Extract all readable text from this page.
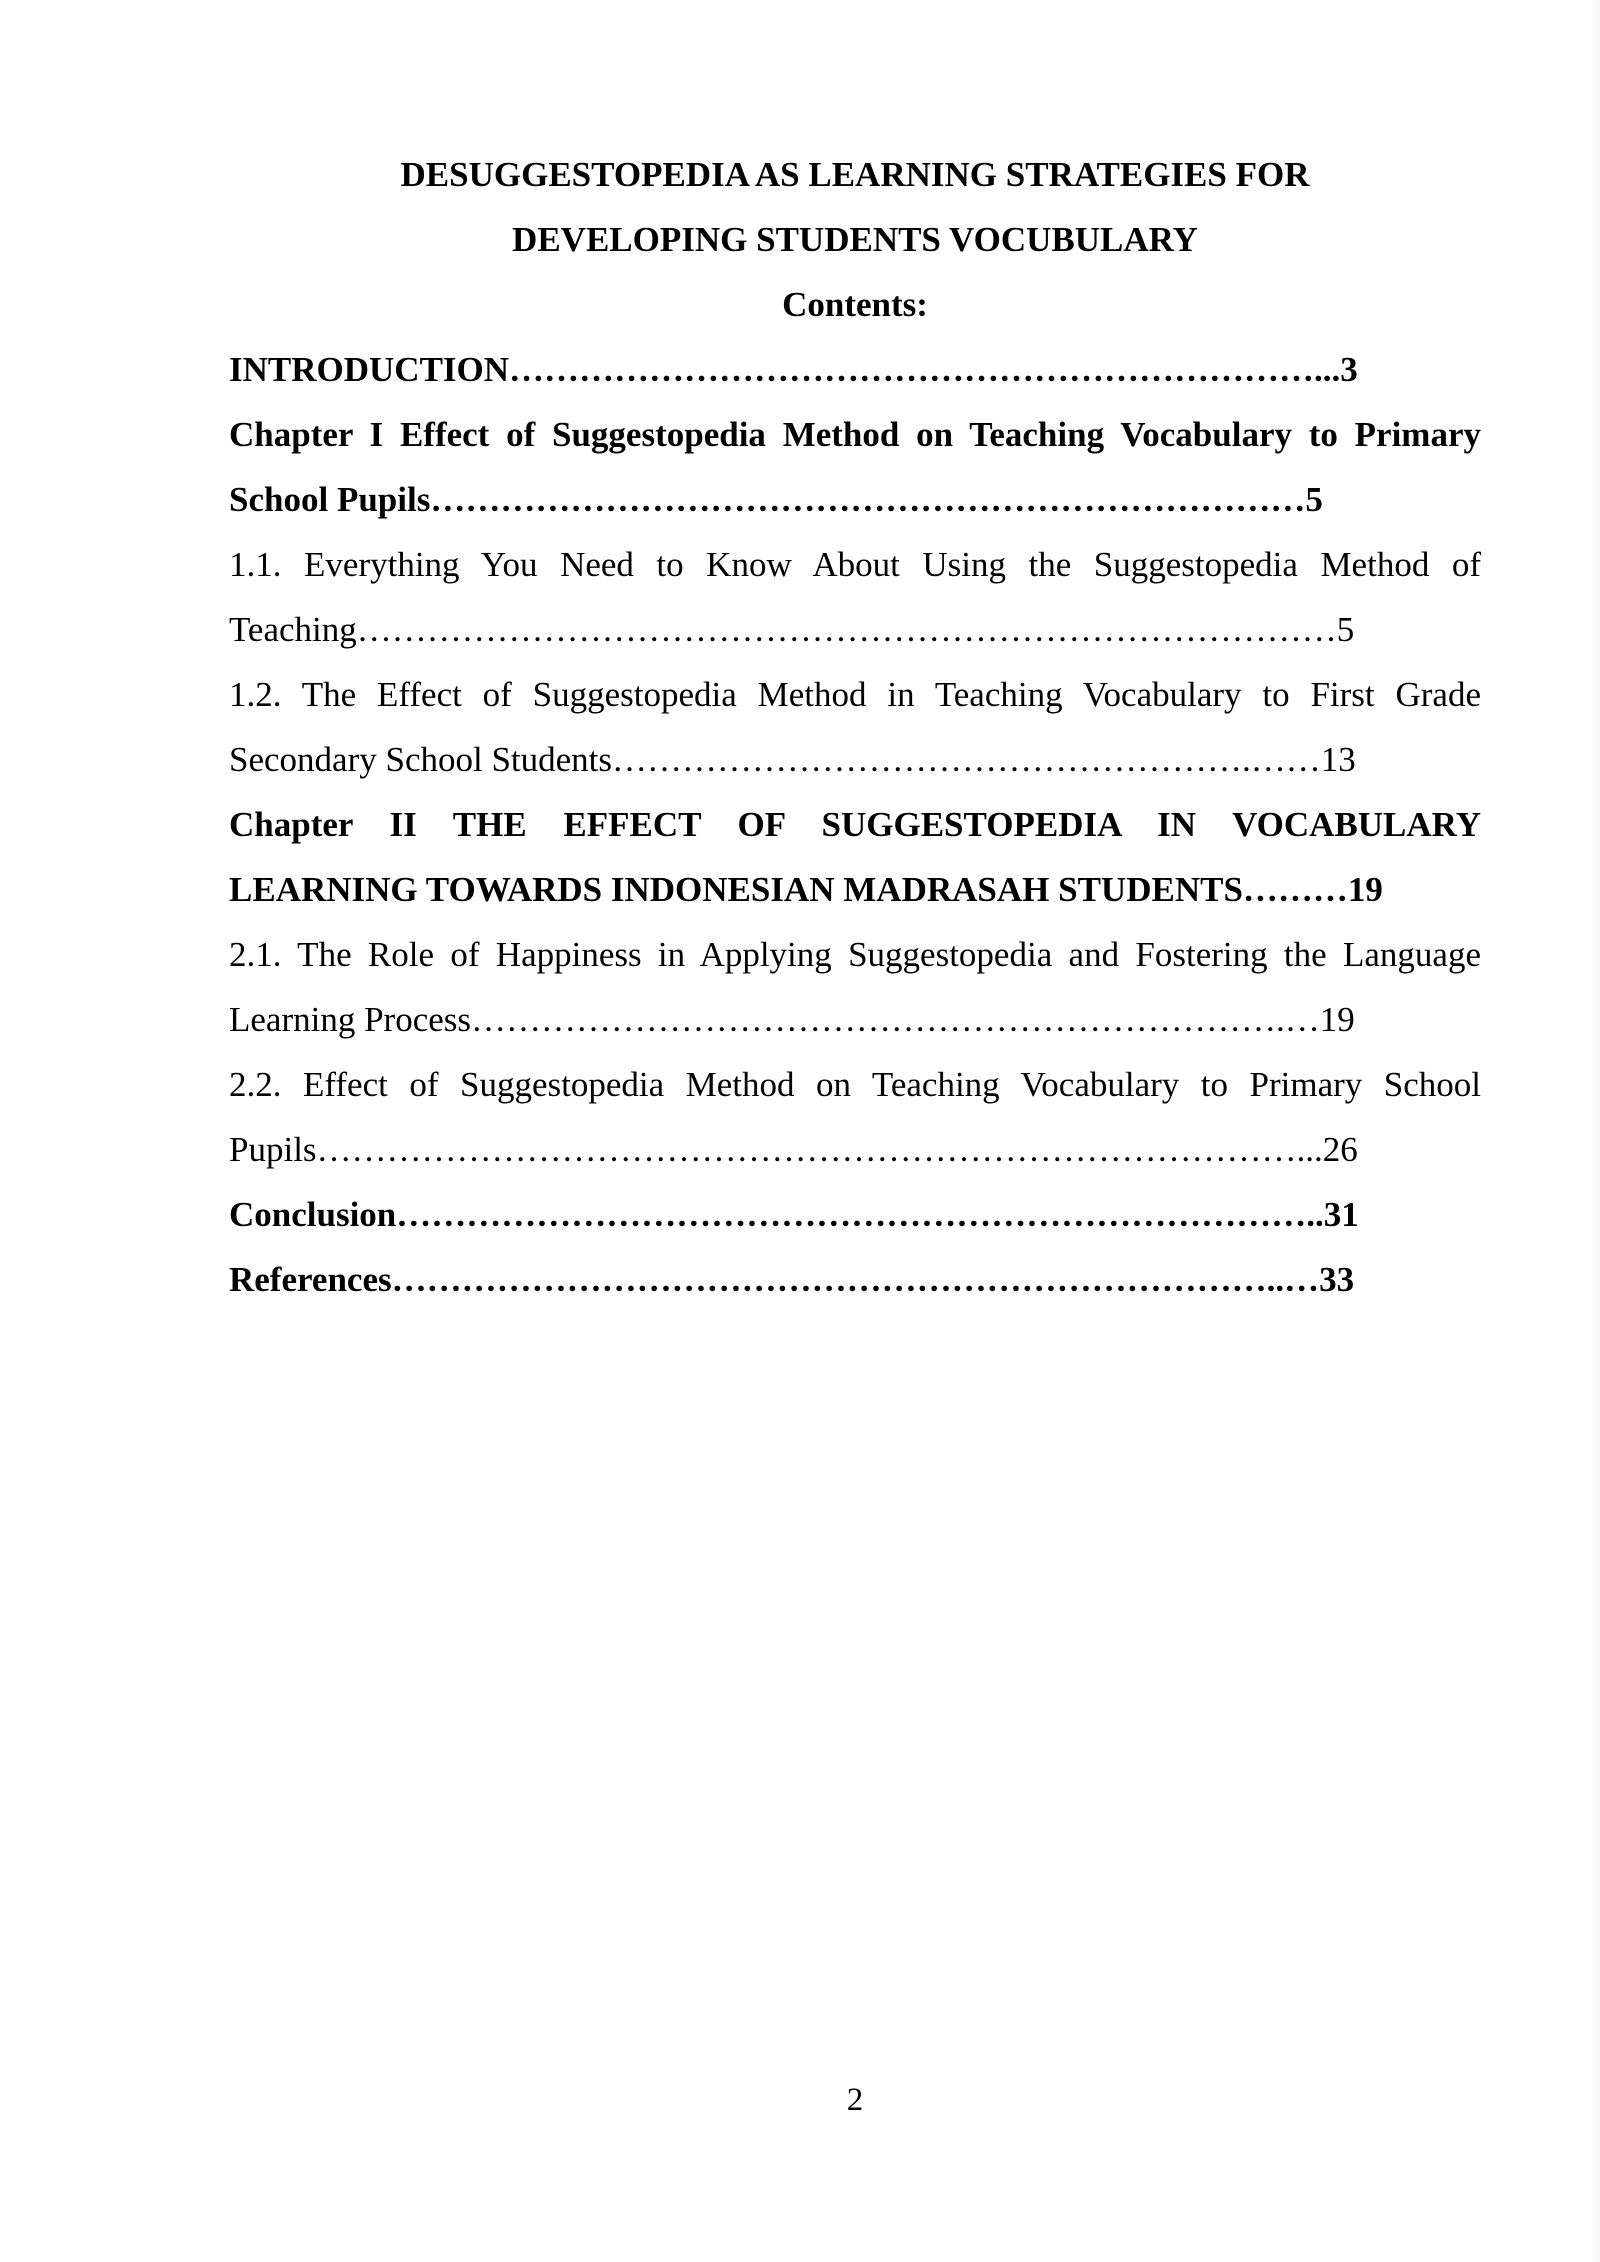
DESUGGESTOPEDIA AS LEARNING STRATEGIES FOR
DEVELOPING STUDENTS VOCUBULARY
Contents:
INTRODUCTION……………………………………………………………...3
Chapter I Effect of Suggestopedia Method on Teaching Vocabulary to Primary
School Pupils…………………………………………………………………5
1.1. Everything You Need to Know About Using the Suggestopedia Method of
Teaching…………………………………………………………………………5
1.2. The Effect of Suggestopedia Method in Teaching Vocabulary to First Grade
Secondary School Students……………………………………………….……13
Chapter II THE EFFECT OF SUGGESTOPEDIA IN VOCABULARY
LEARNING TOWARDS INDONESIAN MADRASAH STUDENTS………19
2.1. The Role of Happiness in Applying Suggestopedia and Fostering the Language
Learning Process…………………………………………………………….…19
2.2. Effect of Suggestopedia Method on Teaching Vocabulary to Primary School
Pupils…………………………………………………………………………...26
Conclusion……………………………………………………………………..31
References…………………………………………………………………..…33
2
